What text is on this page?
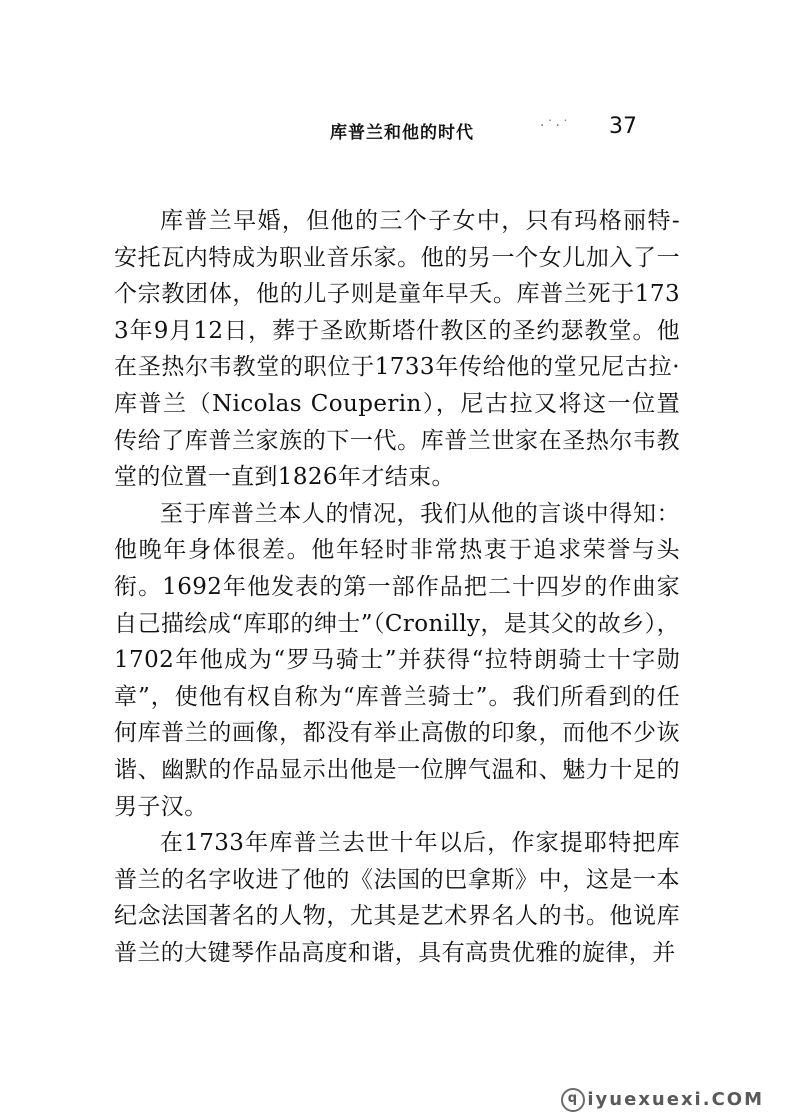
库普兰和他的时代	·˙·˙ 37

库普兰早婚，但他的三个子女中，只有玛格丽特-安托瓦内特成为职业音乐家。他的另一个女儿加入了一个宗教团体，他的儿子则是童年早夭。库普兰死于1733年9月12日，葬于圣欧斯塔什教区的圣约瑟教堂。他在圣热尔韦教堂的职位于1733年传给他的堂兄尼古拉·库普兰（Nicolas Couperin），尼古拉又将这一位置传给了库普兰家族的下一代。库普兰世家在圣热尔韦教堂的位置一直到1826年才结束。

至于库普兰本人的情况，我们从他的言谈中得知：他晚年身体很差。他年轻时非常热衷于追求荣誉与头衔。1692年他发表的第一部作品把二十四岁的作曲家自己描绘成“库耶的绅士”（Cronilly，是其父的故乡），1702年他成为“罗马骑士”并获得“拉特朗骑士十字勋章”，使他有权自称为“库普兰骑士”。我们所看到的任何库普兰的画像，都没有举止高傲的印象，而他不少诙谐、幽默的作品显示出他是一位脾气温和、魅力十足的男子汉。

在1733年库普兰去世十年以后，作家提耶特把库普兰的名字收进了他的《法国的巴拿斯》中，这是一本纪念法国著名的人物，尤其是艺术界名人的书。他说库普兰的大键琴作品高度和谐，具有高贵优雅的旋律，并

q iyuexuexi.COM
